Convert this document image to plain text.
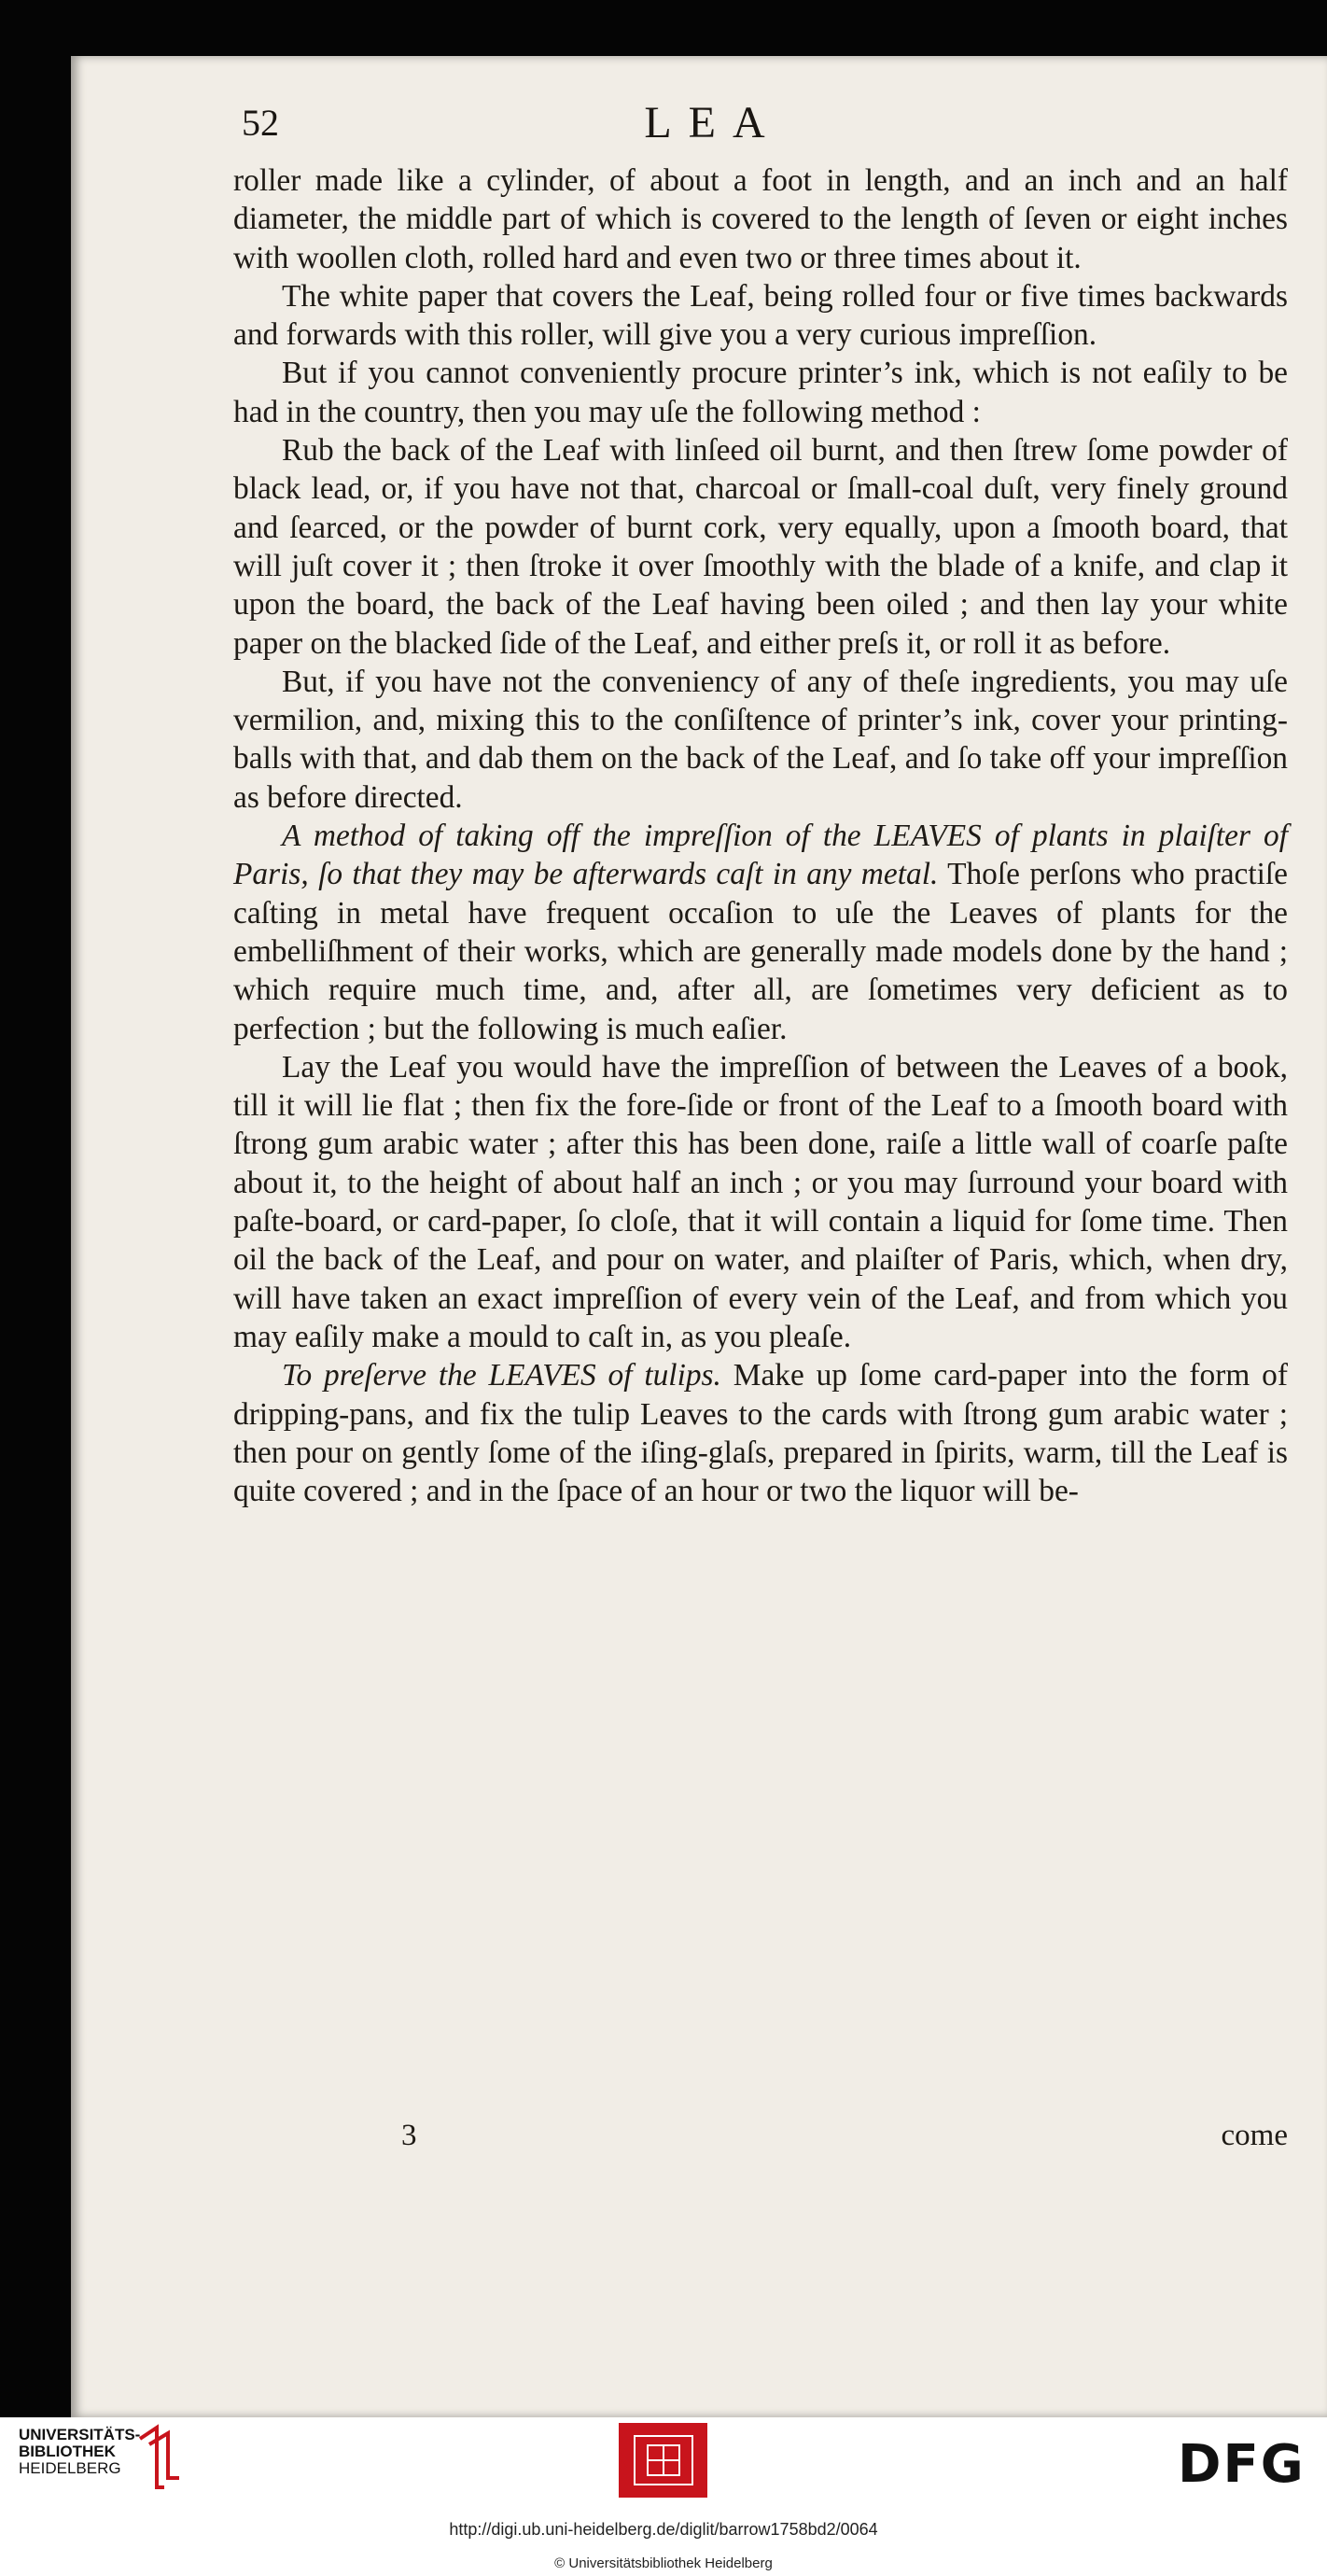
52	LEA

roller made like a cylinder, of about a foot in length, and an inch and an half diameter, the middle part of which is covered to the length of ſeven or eight inches with woollen cloth, rolled hard and even two or three times about it.

The white paper that covers the Leaf, being rolled four or five times backwards and forwards with this roller, will give you a very curious impreſſion.

But if you cannot conveniently procure printer’s ink, which is not eaſily to be had in the country, then you may uſe the following method :

Rub the back of the Leaf with linſeed oil burnt, and then ſtrew ſome powder of black lead, or, if you have not that, charcoal or ſmall-coal duſt, very finely ground and ſearced, or the powder of burnt cork, very equally, upon a ſmooth board, that will juſt cover it ; then ſtroke it over ſmoothly with the blade of a knife, and clap it upon the board, the back of the Leaf having been oiled ; and then lay your white paper on the blacked ſide of the Leaf, and either preſs it, or roll it as before.

But, if you have not the conveniency of any of theſe ingredients, you may uſe vermilion, and, mixing this to the conſiſtence of printer’s ink, cover your printing-balls with that, and dab them on the back of the Leaf, and ſo take off your impreſſion as before directed.

A method of taking off the impreſſion of the LEAVES of plants in plaiſter of Paris, ſo that they may be afterwards caſt in any metal. Thoſe perſons who practiſe caſting in metal have frequent occaſion to uſe the Leaves of plants for the embelliſhment of their works, which are generally made models done by the hand ; which require much time, and, after all, are ſometimes very deficient as to perfection ; but the following is much eaſier.

Lay the Leaf you would have the impreſſion of between the Leaves of a book, till it will lie flat ; then fix the fore-ſide or front of the Leaf to a ſmooth board with ſtrong gum arabic water ; after this has been done, raiſe a little wall of coarſe paſte about it, to the height of about half an inch ; or you may ſurround your board with paſte-board, or card-paper, ſo cloſe, that it will contain a liquid for ſome time. Then oil the back of the Leaf, and pour on water, and plaiſter of Paris, which, when dry, will have taken an exact impreſſion of every vein of the Leaf, and from which you may eaſily make a mould to caſt in, as you pleaſe.

To preſerve the LEAVES of tulips. Make up ſome card-paper into the form of dripping-pans, and fix the tulip Leaves to the cards with ſtrong gum arabic water ; then pour on gently ſome of the iſing-glaſs, prepared in ſpirits, warm, till the Leaf is quite covered ; and in the ſpace of an hour or two the liquor will be-

3	come
UNIVERSITÄTS-
BIBLIOTHEK
HEIDELBERG	DFG
http://digi.ub.uni-heidelberg.de/diglit/barrow1758bd2/0064
© Universitätsbibliothek Heidelberg
